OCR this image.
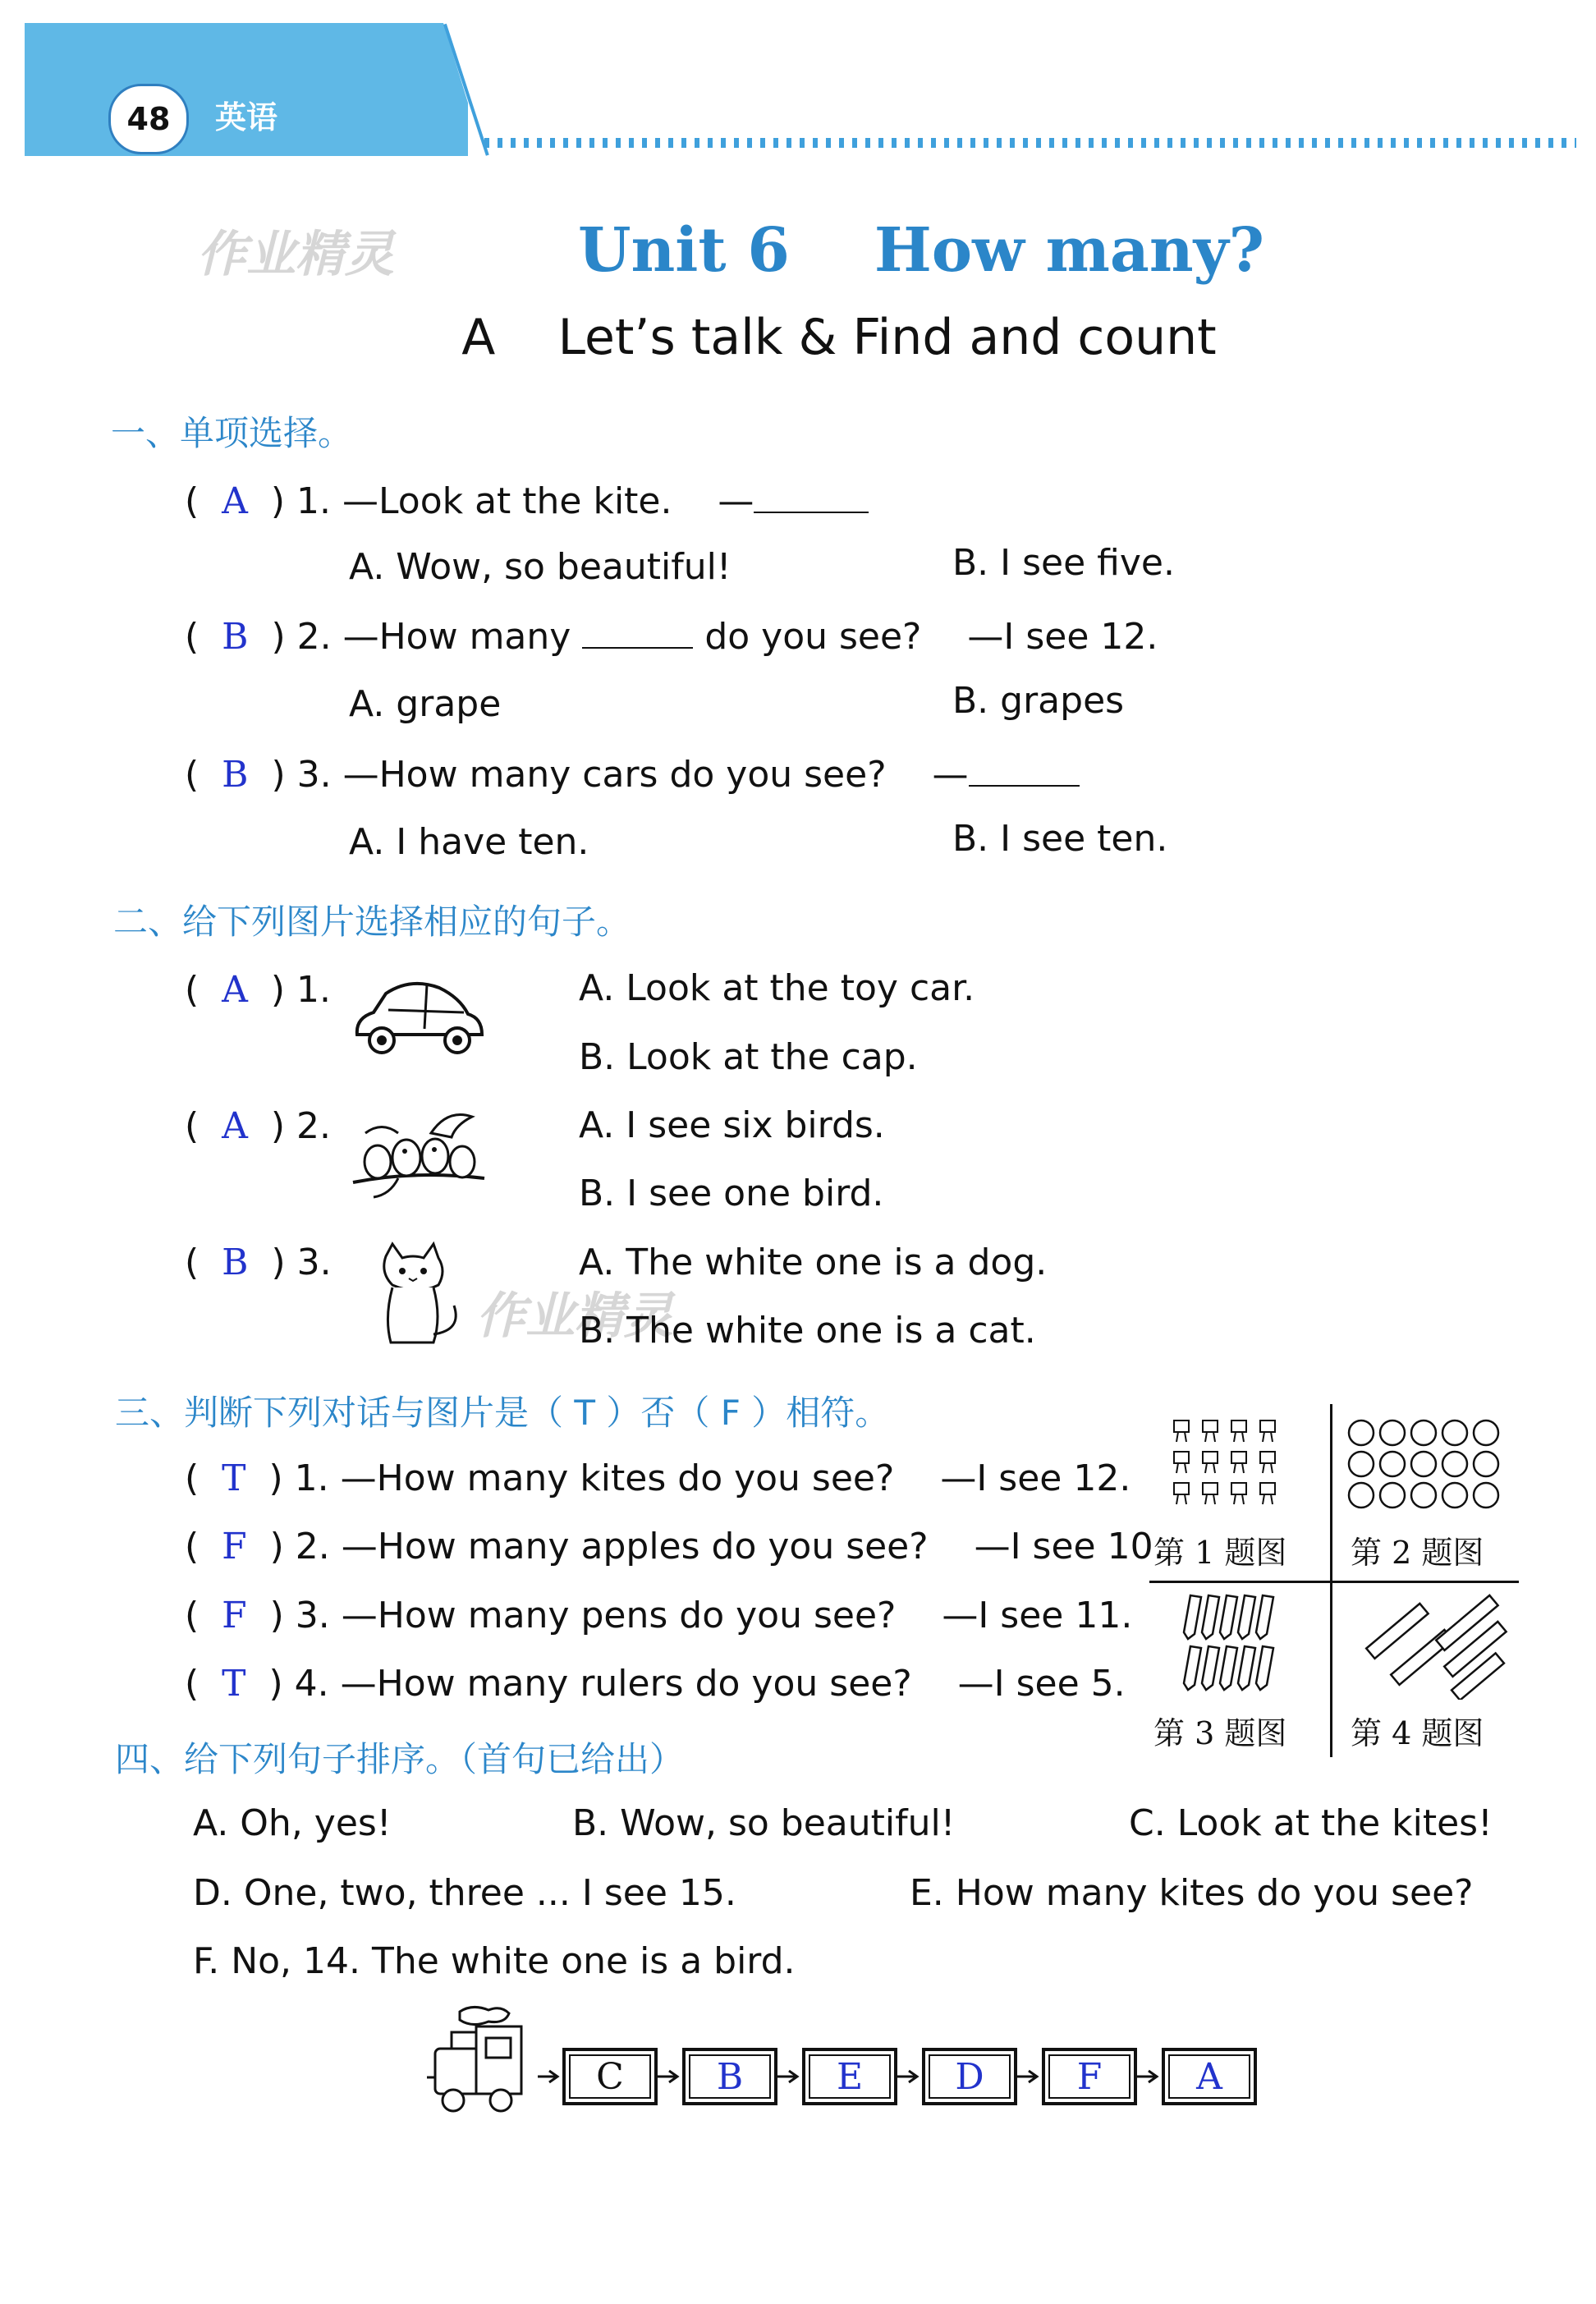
48	英语
作业精灵	Unit 6    How many?
A    Let’s talk & Find and count
一、单项选择。
(  A  ) 1. —Look at the kite.    —
A. Wow, so beautiful!	B. I see five.
(  B  ) 2. —How many	do you see?    —I see 12.
A. grape	B. grapes
(  B  ) 3. —How many cars do you see?    —
A. I have ten.	B. I see ten.
二、给下列图片选择相应的句子。
(  A  ) 1.	A. Look at the toy car.
B. Look at the cap.
(  A  ) 2.	A. I see six birds.
B. I see one bird.
(  B  ) 3.
作业精灵
A. The white one is a dog.
B. The white one is a cat.
三、判断下列对话与图片是（ T ）否（ F ）相符。
(  T  ) 1. —How many kites do you see? —I see 12.
(  F  ) 2. —How many apples do you see? —I see 10.
(  F  ) 3. —How many pens do you see? —I see 11.
(  T  ) 4. —How many rulers do you see? —I see 5.
第 1 题图 第 2 题图
第 3 题图 第 4 题图
四、给下列句子排序。（首句已给出）
A. Oh, yes!	B. Wow, so beautiful!	C. Look at the kites!
D. One, two, three ... I see 15.	E. How many kites do you see?
F. No, 14. The white one is a bird.
C	B	E	D	F	A
